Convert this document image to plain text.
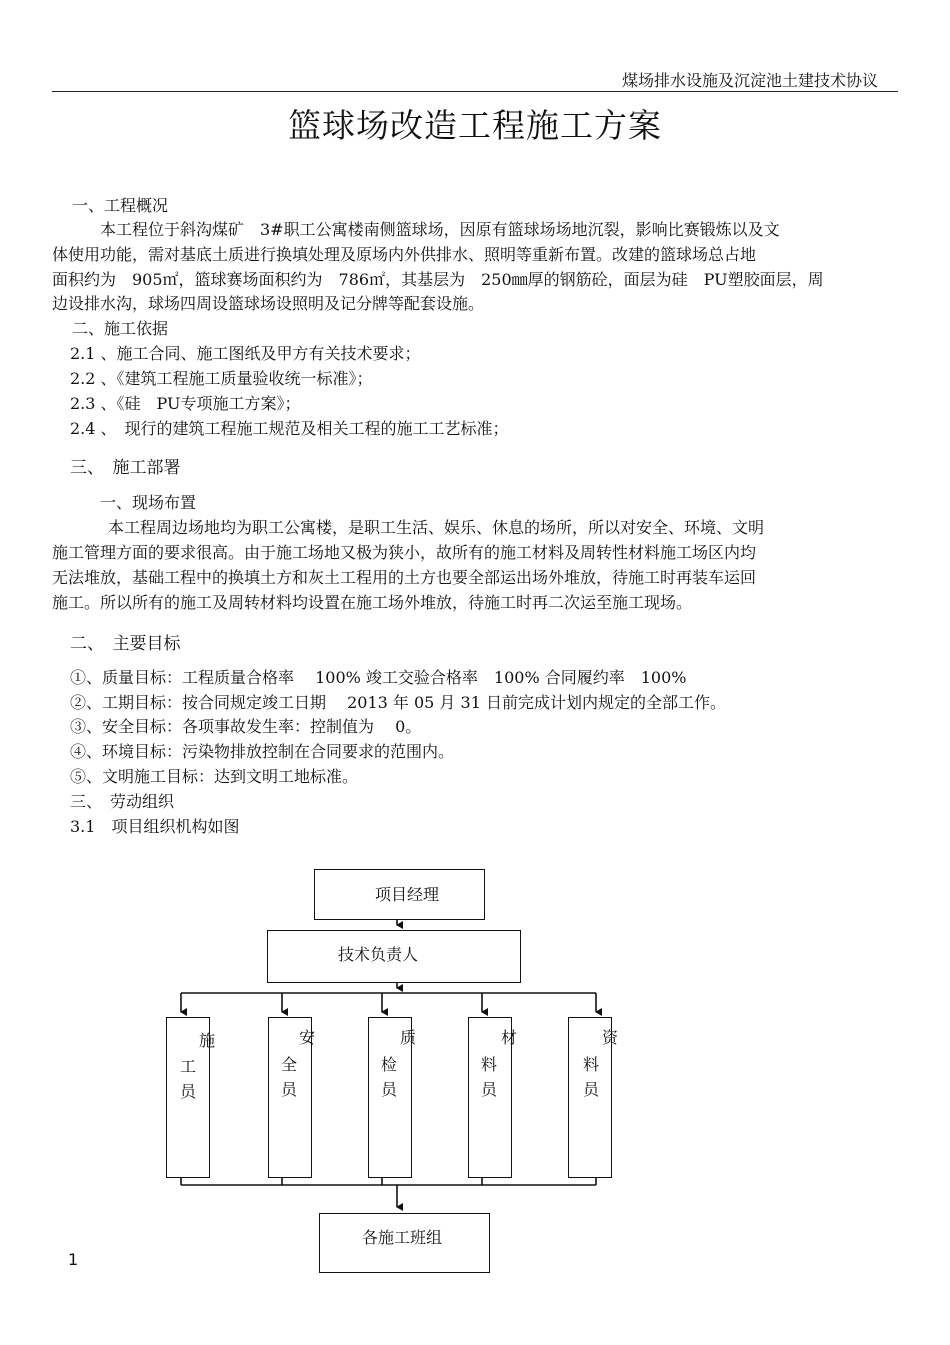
煤场排水设施及沉淀池土建技术协议
篮球场改造工程施工方案
一、工程概况
本工程位于斜沟煤矿　3#职工公寓楼南侧篮球场，因原有篮球场场地沉裂，影响比赛锻炼以及文
体使用功能，需对基底土质进行换填处理及原场内外供排水、照明等重新布置。改建的篮球场总占地
面积约为　905㎡，篮球赛场面积约为　786㎡，其基层为　250㎜厚的钢筋砼，面层为硅　PU塑胶面层，周
边设排水沟，球场四周设篮球场设照明及记分牌等配套设施。
二、施工依据
2.1 、施工合同、施工图纸及甲方有关技术要求；
2.2 、《建筑工程施工质量验收统一标准》；
2.3 、《硅　PU专项施工方案》；
2.4 、　现行的建筑工程施工规范及相关工程的施工工艺标准；
三、　施工部署
一、现场布置
本工程周边场地均为职工公寓楼，是职工生活、娱乐、休息的场所，所以对安全、环境、文明
施工管理方面的要求很高。由于施工场地又极为狭小，故所有的施工材料及周转性材料施工场区内均
无法堆放，基础工程中的换填土方和灰土工程用的土方也要全部运出场外堆放，待施工时再装车运回
施工。所以所有的施工及周转材料均设置在施工场外堆放，待施工时再二次运至施工现场。
二、　主要目标
①、质量目标：工程质量合格率　 100% 竣工交验合格率　100% 合同履约率　100%
②、工期目标：按合同规定竣工日期　 2013 年 05 月 31 日前完成计划内规定的全部工作。
③、安全目标：各项事故发生率：控制值为　 0。
④、环境目标：污染物排放控制在合同要求的范围内。
⑤、文明施工目标：达到文明工地标准。
三、　劳动组织
3.1　项目组织机构如图
项目经理
技术负责人
施
工
员
安
全
员
质
检
员
材
料
员
资
料
员
各施工班组
1
